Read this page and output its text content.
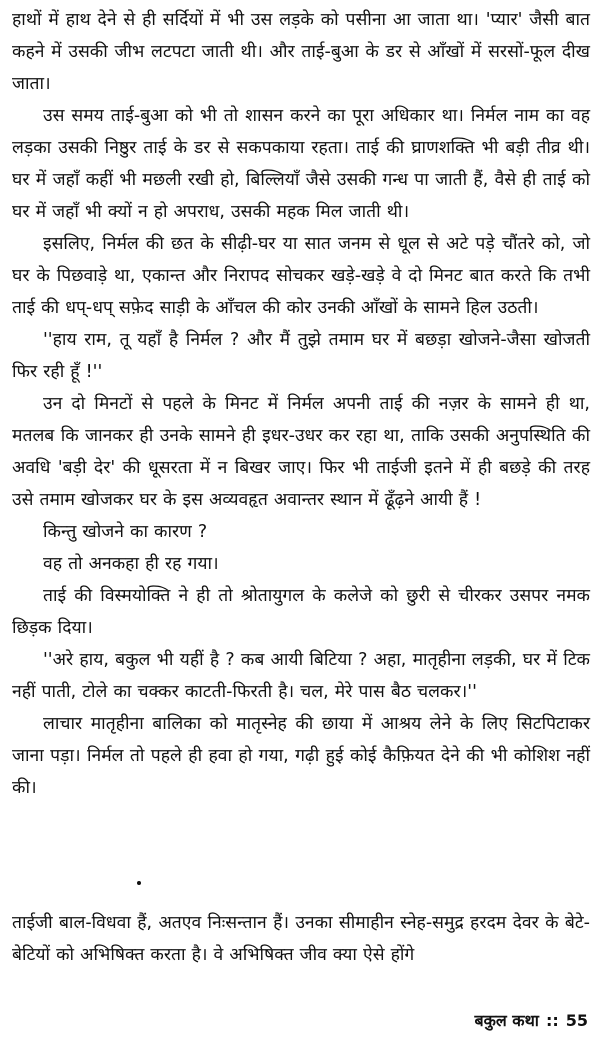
हाथों में हाथ देने से ही सर्दियों में भी उस लड़के को पसीना आ जाता था। 'प्यार' जैसी बात कहने में उसकी जीभ लटपटा जाती थी। और ताई-बुआ के डर से आँखों में सरसों-फूल दीख जाता।

उस समय ताई-बुआ को भी तो शासन करने का पूरा अधिकार था। निर्मल नाम का वह लड़का उसकी निष्ठुर ताई के डर से सकपकाया रहता। ताई की घ्राणशक्ति भी बड़ी तीव्र थी। घर में जहाँ कहीं भी मछली रखी हो, बिल्लियाँ जैसे उसकी गन्ध पा जाती हैं, वैसे ही ताई को घर में जहाँ भी क्यों न हो अपराध, उसकी महक मिल जाती थी।

इसलिए, निर्मल की छत के सीढ़ी-घर या सात जनम से धूल से अटे पड़े चौंतरे को, जो घर के पिछवाड़े था, एकान्त और निरापद सोचकर खड़े-खड़े वे दो मिनट बात करते कि तभी ताई की धप्-धप् सफ़ेद साड़ी के आँचल की कोर उनकी आँखों के सामने हिल उठती।

''हाय राम, तू यहाँ है निर्मल ? और मैं तुझे तमाम घर में बछड़ा खोजने-जैसा खोजती फिर रही हूँ !''

उन दो मिनटों से पहले के मिनट में निर्मल अपनी ताई की नज़र के सामने ही था, मतलब कि जानकर ही उनके सामने ही इधर-उधर कर रहा था, ताकि उसकी अनुपस्थिति की अवधि 'बड़ी देर' की धूसरता में न बिखर जाए। फिर भी ताईजी इतने में ही बछड़े की तरह उसे तमाम खोजकर घर के इस अव्यवहृत अवान्तर स्थान में ढूँढ़ने आयी हैं !

किन्तु खोजने का कारण ?

वह तो अनकहा ही रह गया।

ताई की विस्मयोक्ति ने ही तो श्रोतायुगल के कलेजे को छुरी से चीरकर उसपर नमक छिड़क दिया।

''अरे हाय, बकुल भी यहीं है ? कब आयी बिटिया ? अहा, मातृहीना लड़की, घर में टिक नहीं पाती, टोले का चक्कर काटती-फिरती है। चल, मेरे पास बैठ चलकर।''

लाचार मातृहीना बालिका को मातृस्नेह की छाया में आश्रय लेने के लिए सिटपिटाकर जाना पड़ा। निर्मल तो पहले ही हवा हो गया, गढ़ी हुई कोई कैफ़ियत देने की भी कोशिश नहीं की।

ताईजी बाल-विधवा हैं, अतएव निःसन्तान हैं। उनका सीमाहीन स्नेह-समुद्र हरदम देवर के बेटे-बेटियों को अभिषिक्त करता है। वे अभिषिक्त जीव क्या ऐसे होंगे

बकुल कथा :: 55
